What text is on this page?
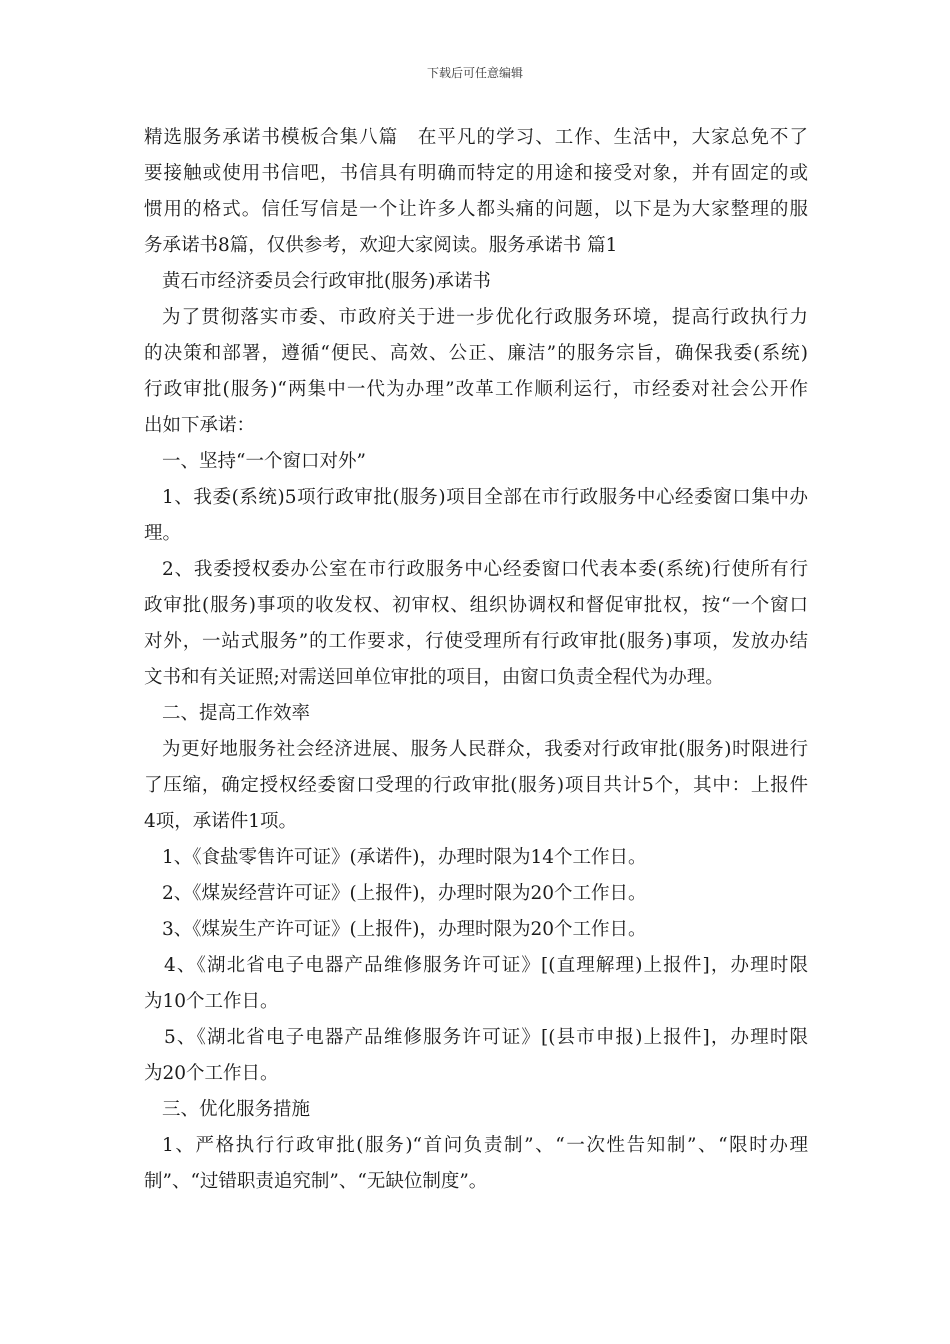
下载后可任意编辑
精选服务承诺书模板合集八篇　在平凡的学习、工作、生活中，大家总免不了
要接触或使用书信吧，书信具有明确而特定的用途和接受对象，并有固定的或
惯用的格式。信任写信是一个让许多人都头痛的问题，以下是为大家整理的服
务承诺书8篇，仅供参考，欢迎大家阅读。服务承诺书 篇1
黄石市经济委员会行政审批(服务)承诺书
为了贯彻落实市委、市政府关于进一步优化行政服务环境，提高行政执行力
的决策和部署，遵循“便民、高效、公正、廉洁”的服务宗旨，确保我委(系统)
行政审批(服务)“两集中一代为办理”改革工作顺利运行，市经委对社会公开作
出如下承诺：
一、坚持“一个窗口对外”
1、我委(系统)5项行政审批(服务)项目全部在市行政服务中心经委窗口集中办
理。
2、我委授权委办公室在市行政服务中心经委窗口代表本委(系统)行使所有行
政审批(服务)事项的收发权、初审权、组织协调权和督促审批权，按“一个窗口
对外，一站式服务”的工作要求，行使受理所有行政审批(服务)事项，发放办结
文书和有关证照;对需送回单位审批的项目，由窗口负责全程代为办理。
二、提高工作效率
为更好地服务社会经济进展、服务人民群众，我委对行政审批(服务)时限进行
了压缩，确定授权经委窗口受理的行政审批(服务)项目共计5个，其中：上报件
4项，承诺件1项。
1、《食盐零售许可证》(承诺件)，办理时限为14个工作日。
2、《煤炭经营许可证》(上报件)，办理时限为20个工作日。
3、《煤炭生产许可证》(上报件)，办理时限为20个工作日。
4、《湖北省电子电器产品维修服务许可证》[(直理解理)上报件]，办理时限
为10个工作日。
5、《湖北省电子电器产品维修服务许可证》[(县市申报)上报件]，办理时限
为20个工作日。
三、优化服务措施
1、严格执行行政审批(服务)“首问负责制”、“一次性告知制”、“限时办理
制”、“过错职责追究制”、“无缺位制度”。
